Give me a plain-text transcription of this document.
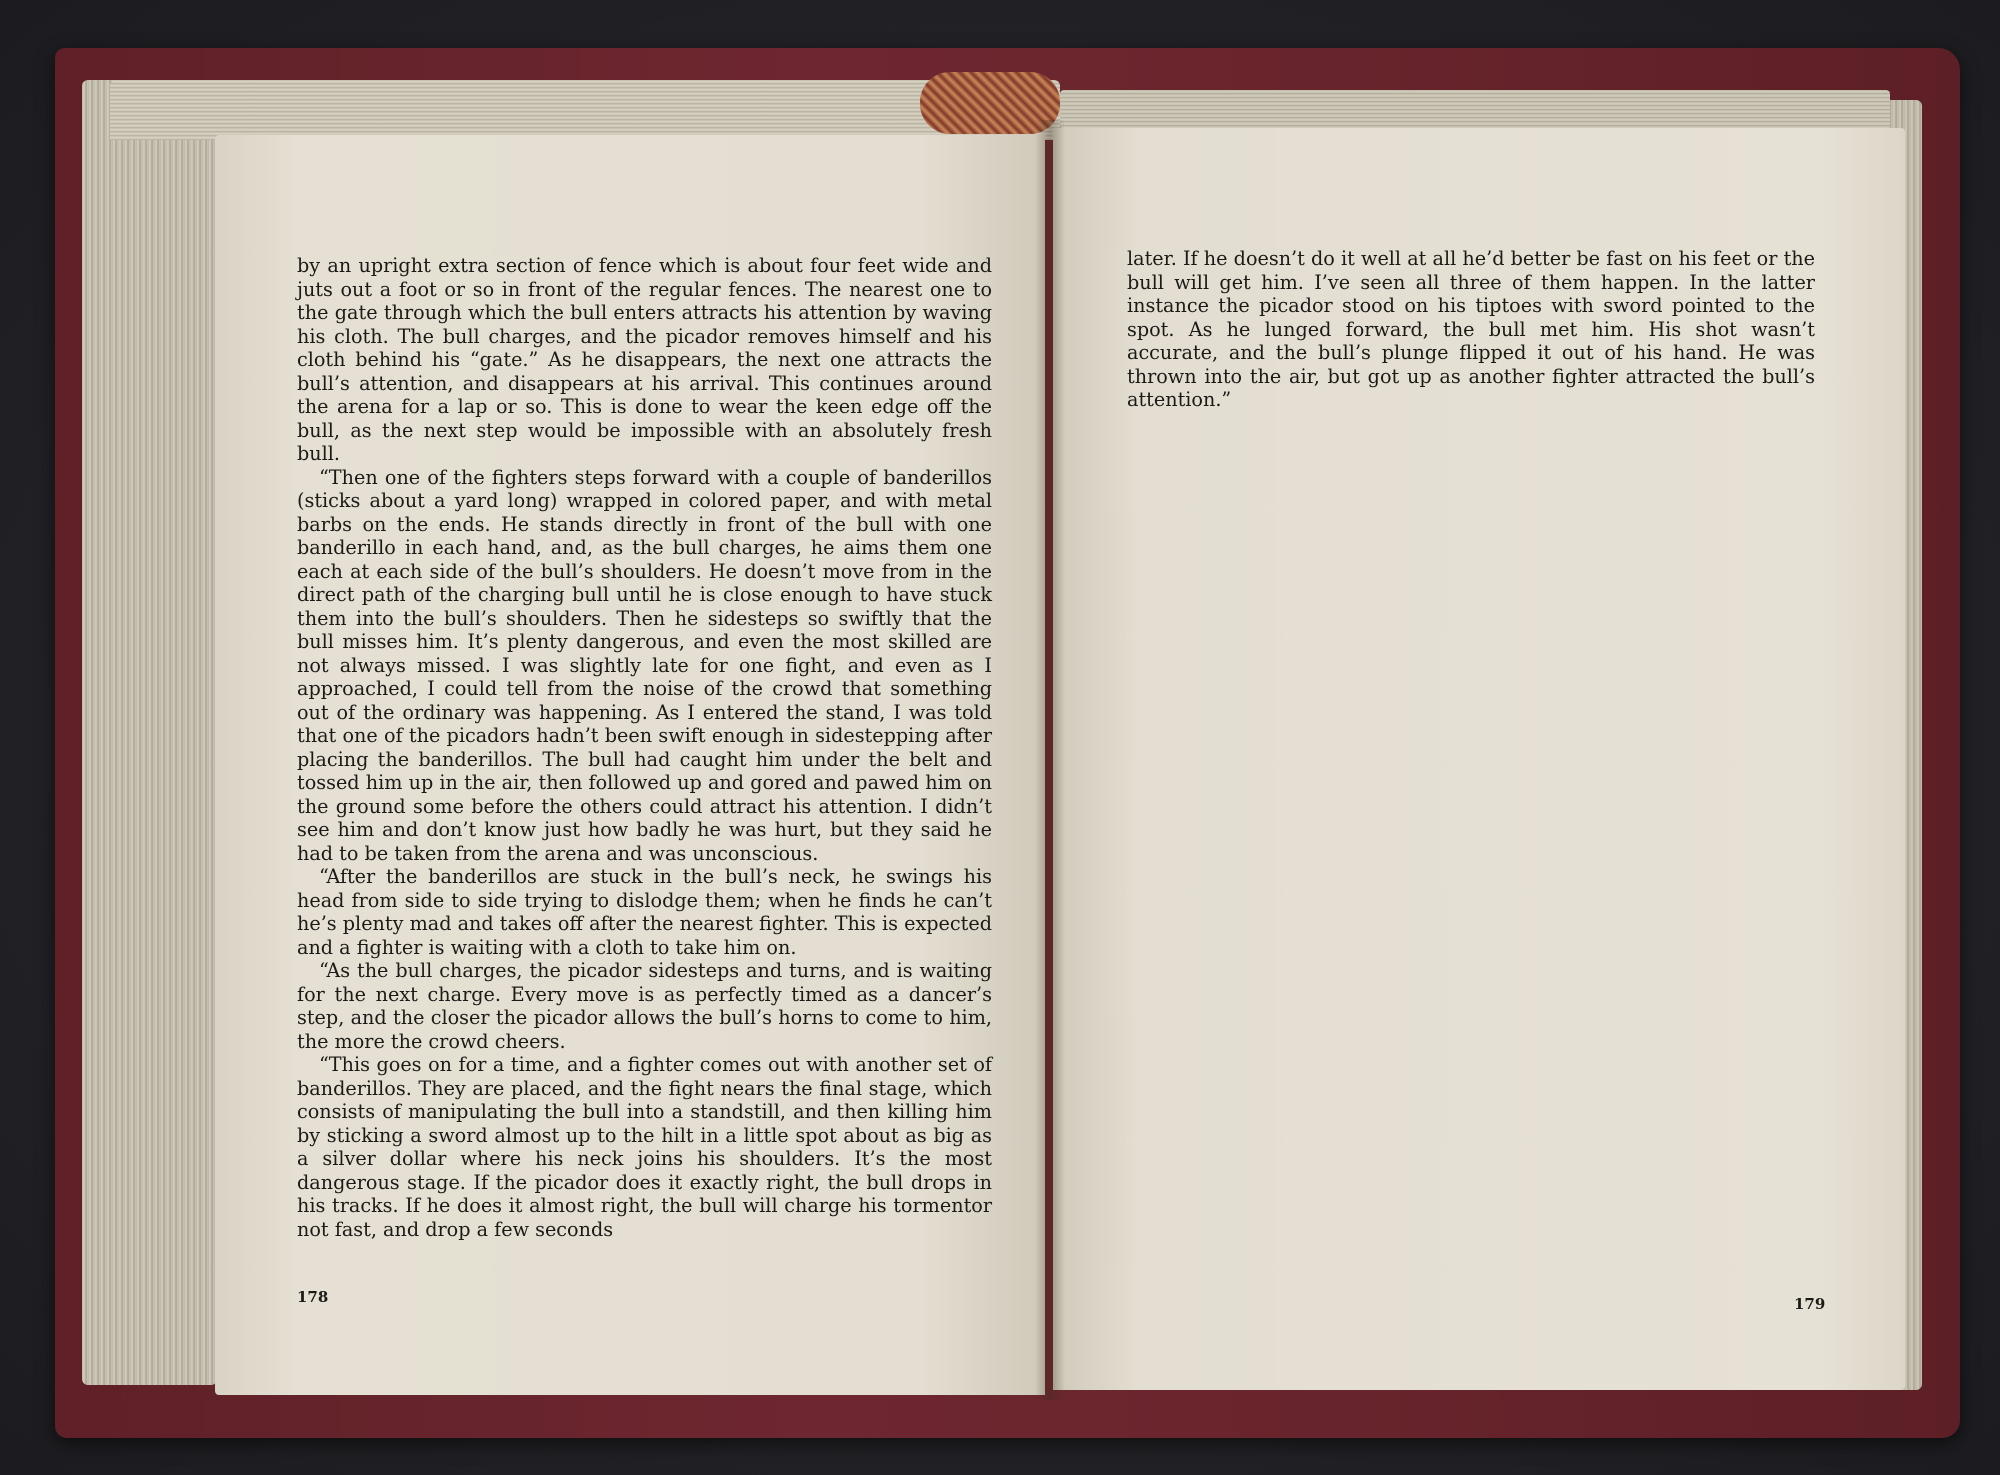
by an upright extra section of fence which is about four feet wide and juts out a foot or so in front of the regular fences. The nearest one to the gate through which the bull enters attracts his attention by waving his cloth. The bull charges, and the picador removes himself and his cloth behind his “gate.” As he disappears, the next one attracts the bull’s attention, and disappears at his arrival. This continues around the arena for a lap or so. This is done to wear the keen edge off the bull, as the next step would be impossible with an absolutely fresh bull.

“Then one of the fighters steps forward with a couple of banderillos (sticks about a yard long) wrapped in colored paper, and with metal barbs on the ends. He stands directly in front of the bull with one banderillo in each hand, and, as the bull charges, he aims them one each at each side of the bull’s shoulders. He doesn’t move from in the direct path of the charging bull until he is close enough to have stuck them into the bull’s shoulders. Then he sidesteps so swiftly that the bull misses him. It’s plenty dangerous, and even the most skilled are not always missed. I was slightly late for one fight, and even as I approached, I could tell from the noise of the crowd that something out of the ordinary was happening. As I entered the stand, I was told that one of the picadors hadn’t been swift enough in sidestepping after placing the banderillos. The bull had caught him under the belt and tossed him up in the air, then followed up and gored and pawed him on the ground some before the others could attract his attention. I didn’t see him and don’t know just how badly he was hurt, but they said he had to be taken from the arena and was unconscious.

“After the banderillos are stuck in the bull’s neck, he swings his head from side to side trying to dislodge them; when he finds he can’t he’s plenty mad and takes off after the nearest fighter. This is expected and a fighter is waiting with a cloth to take him on.

“As the bull charges, the picador sidesteps and turns, and is waiting for the next charge. Every move is as perfectly timed as a dancer’s step, and the closer the picador allows the bull’s horns to come to him, the more the crowd cheers.

“This goes on for a time, and a fighter comes out with another set of banderillos. They are placed, and the fight nears the final stage, which consists of manipulating the bull into a standstill, and then killing him by sticking a sword almost up to the hilt in a little spot about as big as a silver dollar where his neck joins his shoulders. It’s the most dangerous stage. If the picador does it exactly right, the bull drops in his tracks. If he does it almost right, the bull will charge his tormentor not fast, and drop a few seconds

178

later. If he doesn’t do it well at all he’d better be fast on his feet or the bull will get him. I’ve seen all three of them happen. In the latter instance the picador stood on his tiptoes with sword pointed to the spot. As he lunged forward, the bull met him. His shot wasn’t accurate, and the bull’s plunge flipped it out of his hand. He was thrown into the air, but got up as another fighter attracted the bull’s attention.”

179
